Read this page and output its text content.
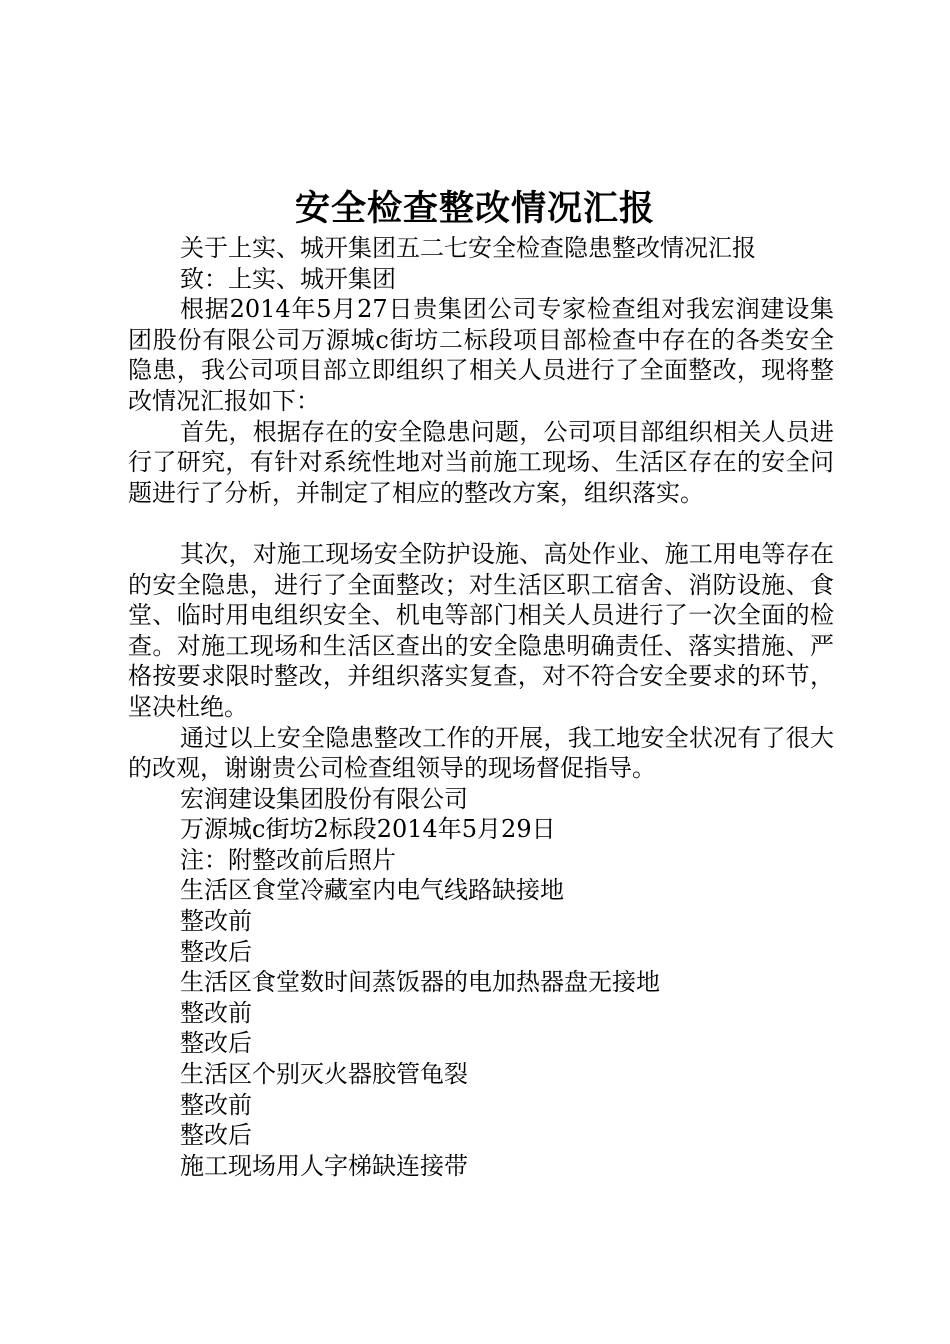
安全检查整改情况汇报

关于上实、城开集团五二七安全检查隐患整改情况汇报

致：上实、城开集团

根据2014年5月27日贵集团公司专家检查组对我宏润建设集团股份有限公司万源城c街坊二标段项目部检查中存在的各类安全隐患，我公司项目部立即组织了相关人员进行了全面整改，现将整改情况汇报如下：

首先，根据存在的安全隐患问题，公司项目部组织相关人员进行了研究，有针对系统性地对当前施工现场、生活区存在的安全问题进行了分析，并制定了相应的整改方案，组织落实。

其次，对施工现场安全防护设施、高处作业、施工用电等存在的安全隐患，进行了全面整改；对生活区职工宿舍、消防设施、食堂、临时用电组织安全、机电等部门相关人员进行了一次全面的检查。对施工现场和生活区查出的安全隐患明确责任、落实措施、严格按要求限时整改，并组织落实复查，对不符合安全要求的环节，坚决杜绝。

通过以上安全隐患整改工作的开展，我工地安全状况有了很大的改观，谢谢贵公司检查组领导的现场督促指导。

宏润建设集团股份有限公司

万源城c街坊2标段2014年5月29日

注：附整改前后照片

生活区食堂冷藏室内电气线路缺接地

整改前

整改后

生活区食堂数时间蒸饭器的电加热器盘无接地

整改前

整改后

生活区个别灭火器胶管龟裂

整改前

整改后

施工现场用人字梯缺连接带
